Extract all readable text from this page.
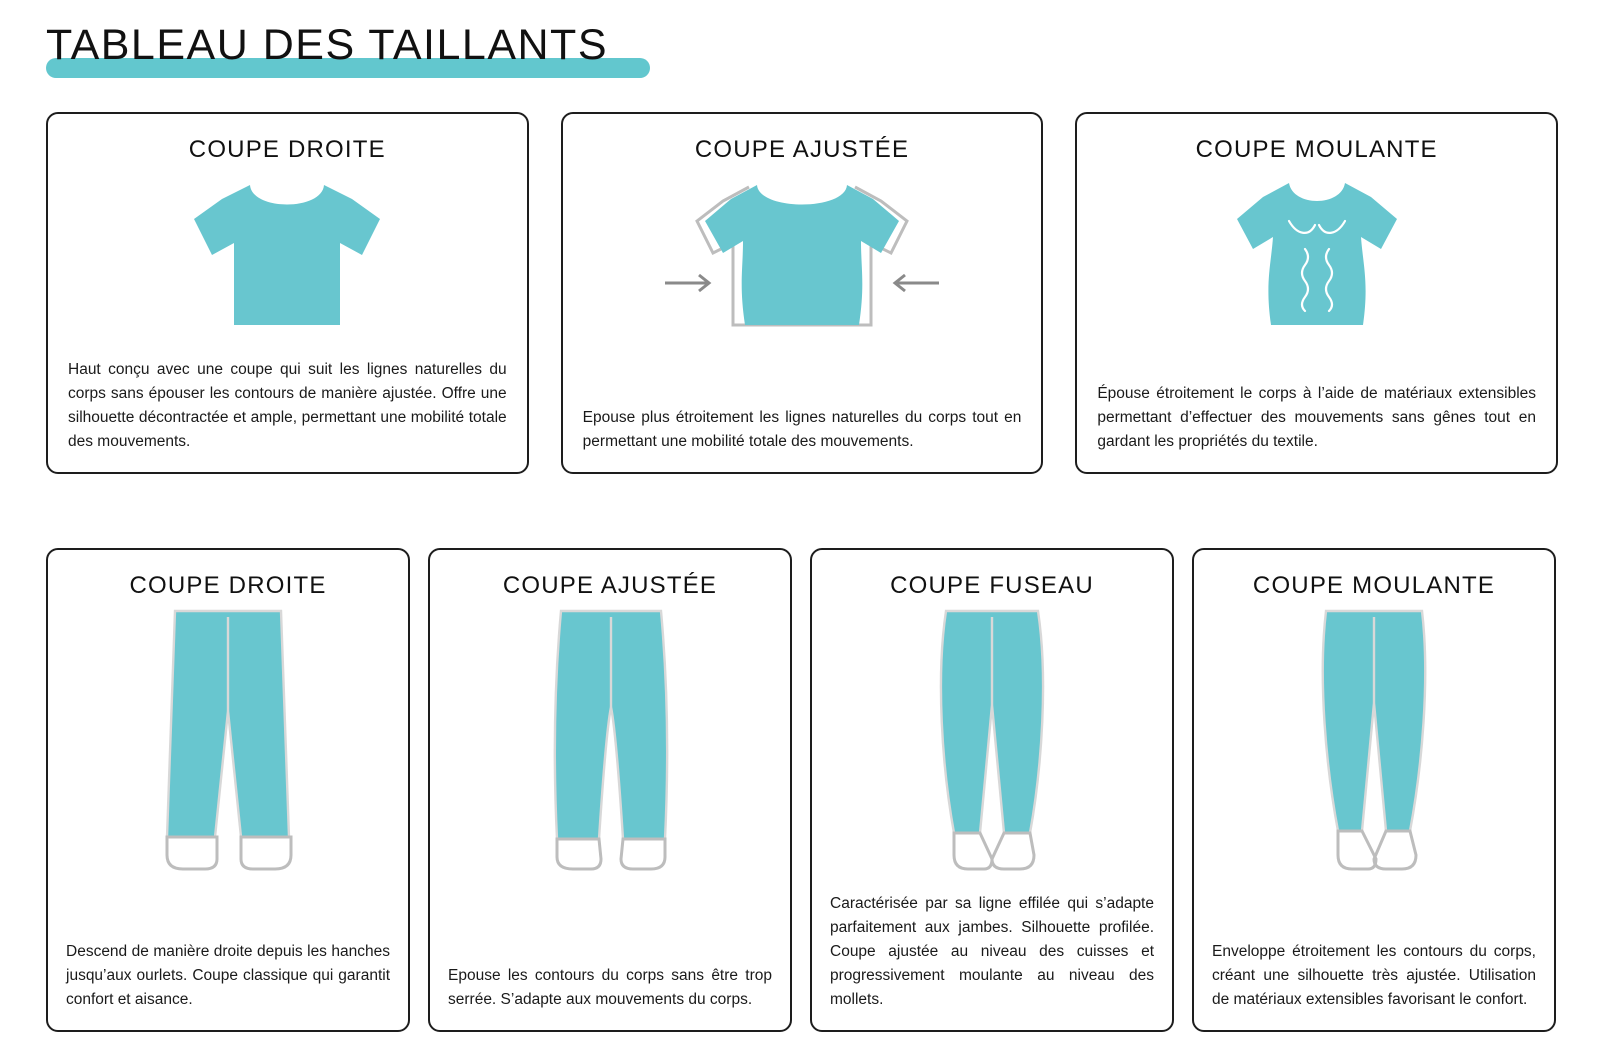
TABLEAU DES TAILLANTS
COUPE DROITE
Haut conçu avec une coupe qui suit les lignes naturelles du corps sans épouser les contours de manière ajustée. Offre une silhouette décontractée et ample, permettant une mobilité totale des mouvements.
COUPE AJUSTÉE
Epouse plus étroitement les lignes naturelles du corps tout en permettant une mobilité totale des mouvements.
COUPE MOULANTE
Épouse étroitement le corps à l’aide de matériaux extensibles permettant d’effectuer des mouvements sans gênes tout en gardant les propriétés du textile.
COUPE DROITE
Descend de manière droite depuis les hanches jusqu’aux ourlets. Coupe classique qui garantit confort et aisance.
COUPE AJUSTÉE
Epouse les contours du corps sans être trop serrée. S’adapte aux mouvements du corps.
COUPE FUSEAU
Caractérisée par sa ligne effilée qui s’adapte parfaitement aux jambes. Silhouette profilée. Coupe ajustée au niveau des cuisses et progressivement moulante au niveau des mollets.
COUPE MOULANTE
Enveloppe étroitement les contours du corps, créant une silhouette très ajustée. Utilisation de matériaux extensibles favorisant le confort.
